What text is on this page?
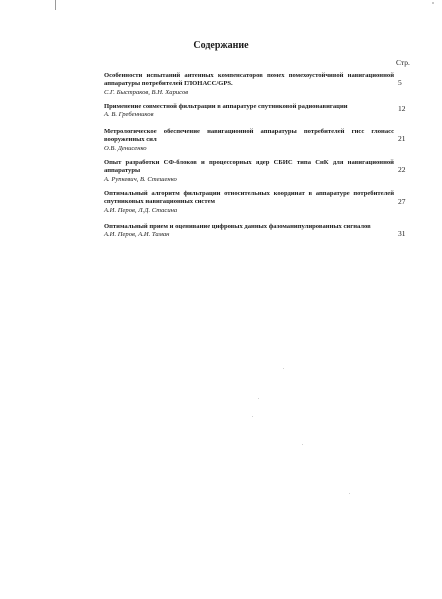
Содержание
Стр.
Особенности испытаний антенных компенсаторов помех помехоустойчивой навигационной аппаратуры потребителей ГЛОНАСС/GPS.
С.Г. Быстраков, В.Н. Харисов
5
Применение совместной фильтрации в аппаратуре спутниковой радионавигации
А. В. Гребенников
12
Метрологическое обеспечение навигационной аппаратуры потребителей гнсс глонасс вооруженных сил
О.В. Денисенко
21
Опыт разработки СФ-блоков и процессорных ядер СБИС типа СнК для навигационной аппаратуры
А. Рупкевич, В. Стешенко
22
Оптимальный алгоритм фильтрации относительных координат в аппаратуре потребителей спутниковых навигационных систем
А.И. Перов, Л.Д. Стасина
27
Оптимальный прием и оценивание цифровых данных фазоманипулированных сигналов
А.И. Перов, А.И. Таман	31
